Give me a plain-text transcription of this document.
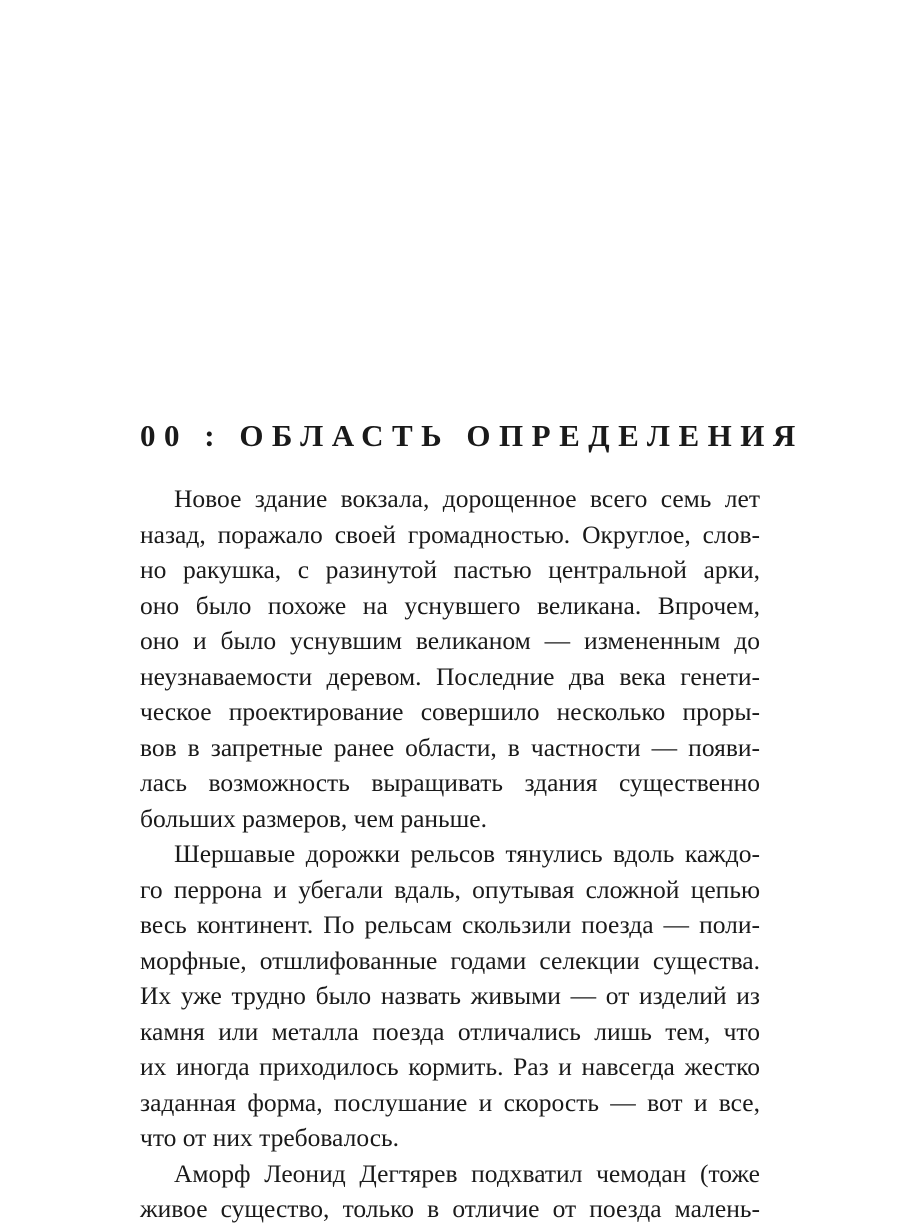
00 : ОБЛАСТЬ ОПРЕДЕЛЕНИЯ
Новое здание вокзала, дорощенное всего семь лет
назад, поражало своей громадностью. Округлое, слов-
но ракушка, с разинутой пастью центральной арки,
оно было похоже на уснувшего великана. Впрочем,
оно и было уснувшим великаном — измененным до
неузнаваемости деревом. Последние два века генети-
ческое проектирование совершило несколько проры-
вов в запретные ранее области, в частности — появи-
лась возможность выращивать здания существенно
больших размеров, чем раньше.
Шершавые дорожки рельсов тянулись вдоль каждо-
го перрона и убегали вдаль, опутывая сложной цепью
весь континент. По рельсам скользили поезда — поли-
морфные, отшлифованные годами селекции существа.
Их уже трудно было назвать живыми — от изделий из
камня или металла поезда отличались лишь тем, что
их иногда приходилось кормить. Раз и навсегда жестко
заданная форма, послушание и скорость — вот и все,
что от них требовалось.
Аморф Леонид Дегтярев подхватил чемодан (тоже
живое существо, только в отличие от поезда малень-
